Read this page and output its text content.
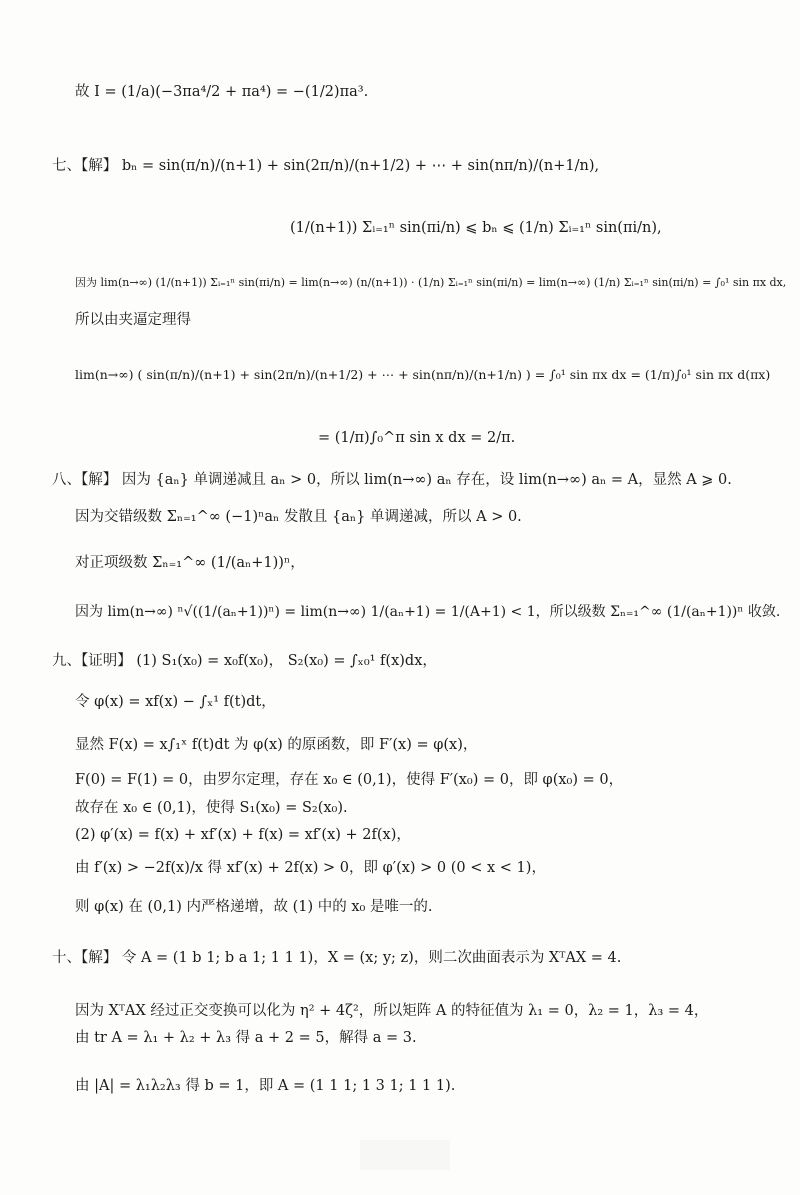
故 I = (1/a)(−3πa⁴/2 + πa⁴) = −(1/2)πa³.
七、【解】 bₙ = sin(π/n)/(n+1) + sin(2π/n)/(n+1/2) + ⋯ + sin(nπ/n)/(n+1/n),
(1/(n+1)) Σᵢ₌₁ⁿ sin(πi/n) ⩽ bₙ ⩽ (1/n) Σᵢ₌₁ⁿ sin(πi/n),
因为 lim(n→∞) (1/(n+1)) Σᵢ₌₁ⁿ sin(πi/n) = lim(n→∞) (n/(n+1)) · (1/n) Σᵢ₌₁ⁿ sin(πi/n) = lim(n→∞) (1/n) Σᵢ₌₁ⁿ sin(πi/n) = ∫₀¹ sin πx dx,
所以由夹逼定理得
lim(n→∞) ( sin(π/n)/(n+1) + sin(2π/n)/(n+1/2) + ⋯ + sin(nπ/n)/(n+1/n) ) = ∫₀¹ sin πx dx = (1/π)∫₀¹ sin πx d(πx)
= (1/π)∫₀^π sin x dx = 2/π.
八、【解】 因为 {aₙ} 单调递减且 aₙ > 0，所以 lim(n→∞) aₙ 存在，设 lim(n→∞) aₙ = A，显然 A ⩾ 0.
因为交错级数 Σₙ₌₁^∞ (−1)ⁿaₙ 发散且 {aₙ} 单调递减，所以 A > 0.
对正项级数 Σₙ₌₁^∞ (1/(aₙ+1))ⁿ，
因为 lim(n→∞) ⁿ√((1/(aₙ+1))ⁿ) = lim(n→∞) 1/(aₙ+1) = 1/(A+1) < 1，所以级数 Σₙ₌₁^∞ (1/(aₙ+1))ⁿ 收敛.
九、【证明】 (1) S₁(x₀) = x₀f(x₀)， S₂(x₀) = ∫ₓ₀¹ f(x)dx，
令 φ(x) = xf(x) − ∫ₓ¹ f(t)dt，
显然 F(x) = x∫₁ˣ f(t)dt 为 φ(x) 的原函数，即 F′(x) = φ(x)，
F(0) = F(1) = 0，由罗尔定理，存在 x₀ ∈ (0,1)，使得 F′(x₀) = 0，即 φ(x₀) = 0，
故存在 x₀ ∈ (0,1)，使得 S₁(x₀) = S₂(x₀).
(2) φ′(x) = f(x) + xf′(x) + f(x) = xf′(x) + 2f(x)，
由 f′(x) > −2f(x)/x 得 xf′(x) + 2f(x) > 0，即 φ′(x) > 0 (0 < x < 1)，
则 φ(x) 在 (0,1) 内严格递增，故 (1) 中的 x₀ 是唯一的.
十、【解】 令 A = (1 b 1; b a 1; 1 1 1)，X = (x; y; z)，则二次曲面表示为 XᵀAX = 4.
因为 XᵀAX 经过正交变换可以化为 η² + 4ζ²，所以矩阵 A 的特征值为 λ₁ = 0，λ₂ = 1，λ₃ = 4，
由 tr A = λ₁ + λ₂ + λ₃ 得 a + 2 = 5，解得 a = 3.
由 |A| = λ₁λ₂λ₃ 得 b = 1，即 A = (1 1 1; 1 3 1; 1 1 1).
